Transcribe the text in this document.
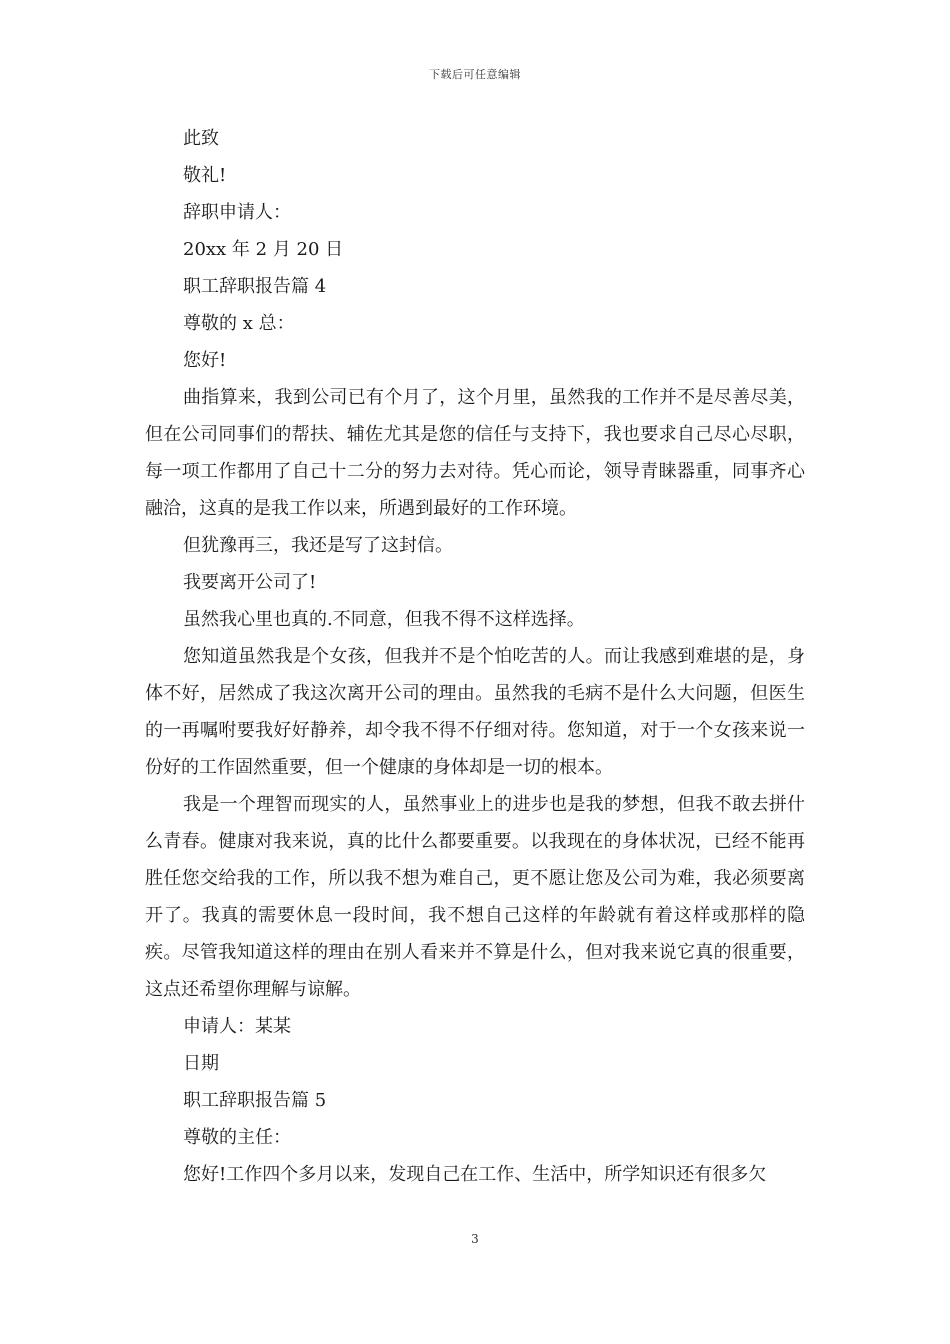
下载后可任意编辑

此致

敬礼!

辞职申请人：

20xx 年 2 月 20 日

职工辞职报告篇 4

尊敬的 x 总：

您好!

曲指算来，我到公司已有个月了，这个月里，虽然我的工作并不是尽善尽美，但在公司同事们的帮扶、辅佐尤其是您的信任与支持下，我也要求自己尽心尽职，每一项工作都用了自己十二分的努力去对待。凭心而论，领导青睐器重，同事齐心融洽，这真的是我工作以来，所遇到最好的工作环境。

但犹豫再三，我还是写了这封信。

我要离开公司了!

虽然我心里也真的.不同意，但我不得不这样选择。

您知道虽然我是个女孩，但我并不是个怕吃苦的人。而让我感到难堪的是，身体不好，居然成了我这次离开公司的理由。虽然我的毛病不是什么大问题，但医生的一再嘱咐要我好好静养，却令我不得不仔细对待。您知道，对于一个女孩来说一份好的工作固然重要，但一个健康的身体却是一切的根本。

我是一个理智而现实的人，虽然事业上的进步也是我的梦想，但我不敢去拼什么青春。健康对我来说，真的比什么都要重要。以我现在的身体状况，已经不能再胜任您交给我的工作，所以我不想为难自己，更不愿让您及公司为难，我必须要离开了。我真的需要休息一段时间，我不想自己这样的年龄就有着这样或那样的隐疾。尽管我知道这样的理由在别人看来并不算是什么，但对我来说它真的很重要，这点还希望你理解与谅解。

申请人：某某

日期

职工辞职报告篇 5

尊敬的主任：

您好!工作四个多月以来，发现自己在工作、生活中，所学知识还有很多欠

3
